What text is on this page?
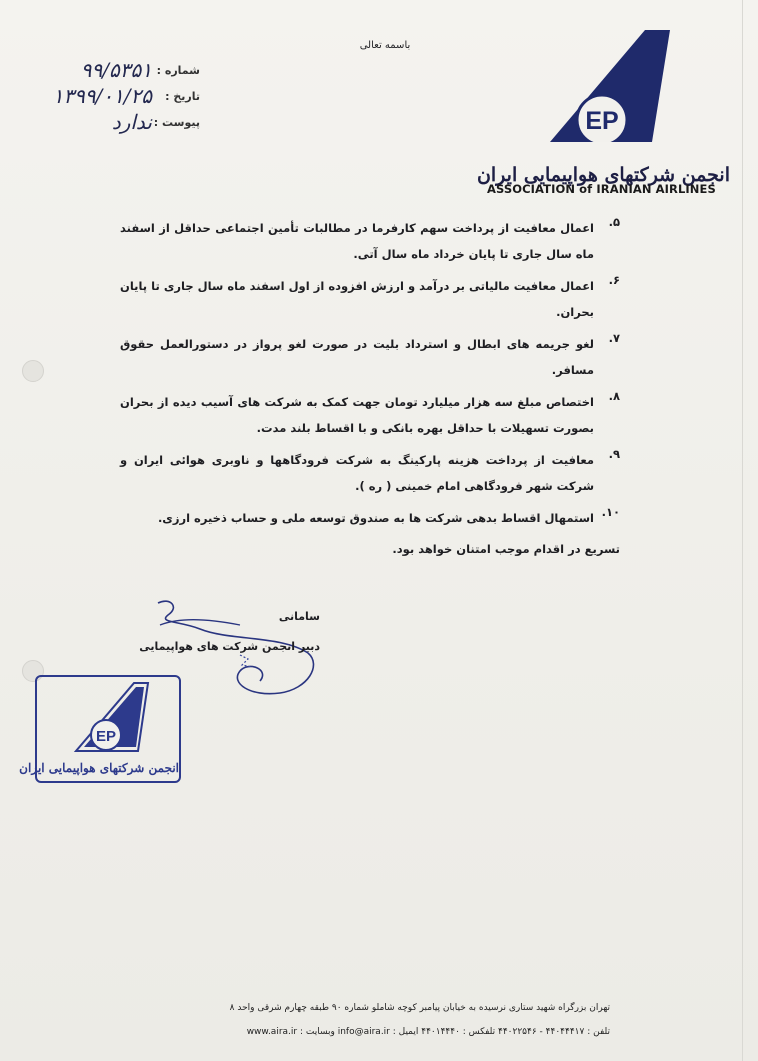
باسمه تعالی
شماره :
۹۹/۵۳۵۱
تاریخ :
۱۳۹۹/۰۱/۲۵
پیوست :
ندارد	EP
انجمن شرکتهای هواپیمایی ایران
ASSOCIATION of IRANIAN AIRLINES
۵.
اعمال معافیت از پرداخت سهم کارفرما در مطالبات تأمین اجتماعی حداقل از اسفند ماه سال جاری تا پایان خرداد ماه سال آتی.
۶.
اعمال معافیت مالیاتی بر درآمد و ارزش افزوده از اول اسفند ماه سال جاری تا پایان بحران.
۷.
لغو جریمه های ابطال و استرداد بلیت در صورت لغو پرواز در دستورالعمل حقوق مسافر.
۸.
اختصاص مبلغ سه هزار میلیارد تومان جهت کمک به شرکت های آسیب دیده از بحران بصورت تسهیلات با حداقل بهره بانکی و با اقساط بلند مدت.
۹.
معافیت از پرداخت هزینه پارکینگ به شرکت فرودگاهها و ناوبری هوائی ایران و شرکت شهر فرودگاهی امام خمینی ( ره ).
۱۰.
استمهال اقساط بدهی شرکت ها به صندوق توسعه ملی و حساب ذخیره ارزی.
تسریع در اقدام موجب امتنان خواهد بود.
سامانی
دبیر انجمن شرکت های هواپیمایی
EP
انجمن شرکتهای هواپیمایی ایران
تهران بزرگراه شهید ستاری نرسیده به خیابان پیامبر کوچه شاملو شماره ۹۰ طبقه چهارم شرقی واحد ۸
تلفن : ۴۴۰۴۴۴۱۷ - ۴۴۰۲۲۵۴۶ تلفکس : ۴۴۰۱۴۴۴۰ ایمیل : info@aira.ir وبسایت : www.aira.ir
